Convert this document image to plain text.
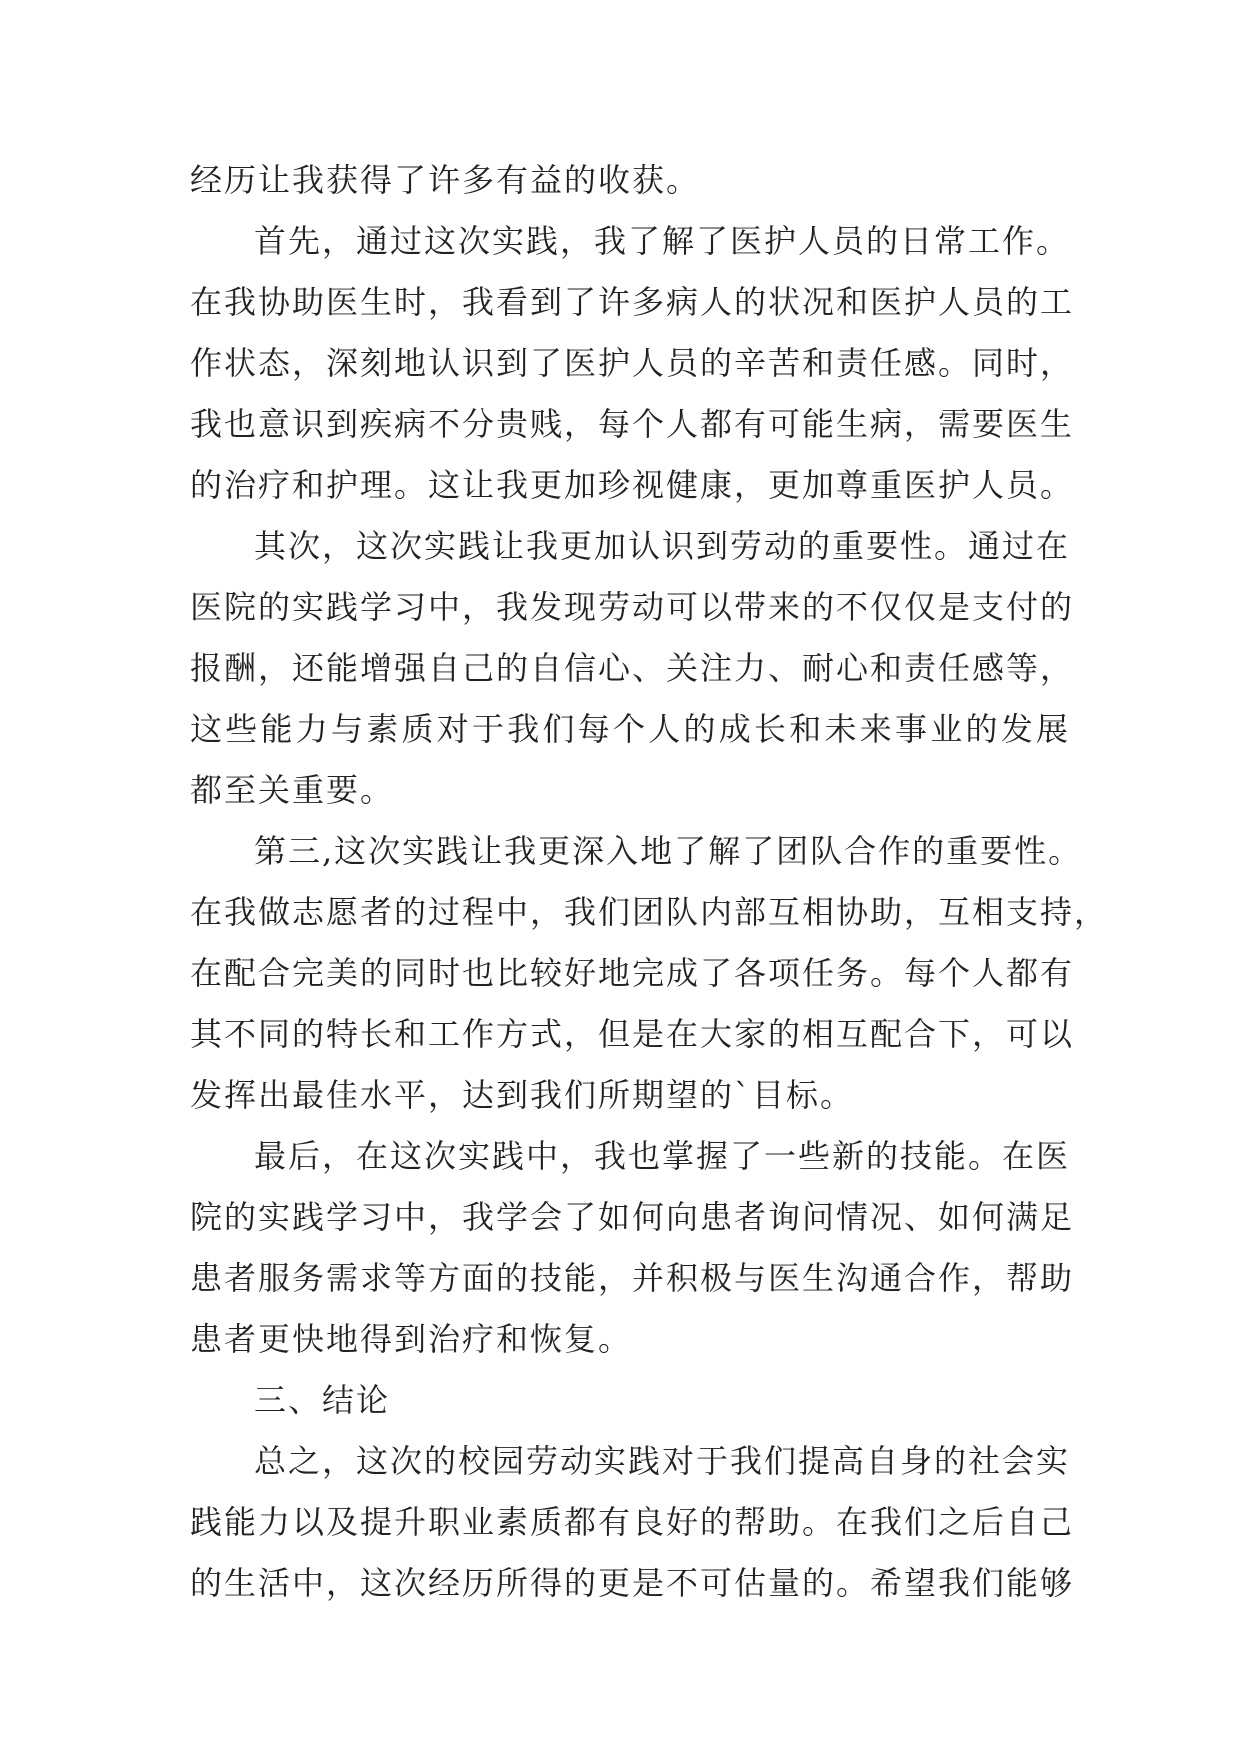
经历让我获得了许多有益的收获。
首先，通过这次实践，我了解了医护人员的日常工作。
在我协助医生时，我看到了许多病人的状况和医护人员的工
作状态，深刻地认识到了医护人员的辛苦和责任感。同时，
我也意识到疾病不分贵贱，每个人都有可能生病，需要医生
的治疗和护理。这让我更加珍视健康，更加尊重医护人员。
其次，这次实践让我更加认识到劳动的重要性。通过在
医院的实践学习中，我发现劳动可以带来的不仅仅是支付的
报酬，还能增强自己的自信心、关注力、耐心和责任感等，
这些能力与素质对于我们每个人的成长和未来事业的发展
都至关重要。
第三,这次实践让我更深入地了解了团队合作的重要性。
在我做志愿者的过程中，我们团队内部互相协助，互相支持，
在配合完美的同时也比较好地完成了各项任务。每个人都有
其不同的特长和工作方式，但是在大家的相互配合下，可以
发挥出最佳水平，达到我们所期望的`目标。
最后，在这次实践中，我也掌握了一些新的技能。在医
院的实践学习中，我学会了如何向患者询问情况、如何满足
患者服务需求等方面的技能，并积极与医生沟通合作，帮助
患者更快地得到治疗和恢复。
三、结论
总之，这次的校园劳动实践对于我们提高自身的社会实
践能力以及提升职业素质都有良好的帮助。在我们之后自己
的生活中，这次经历所得的更是不可估量的。希望我们能够
